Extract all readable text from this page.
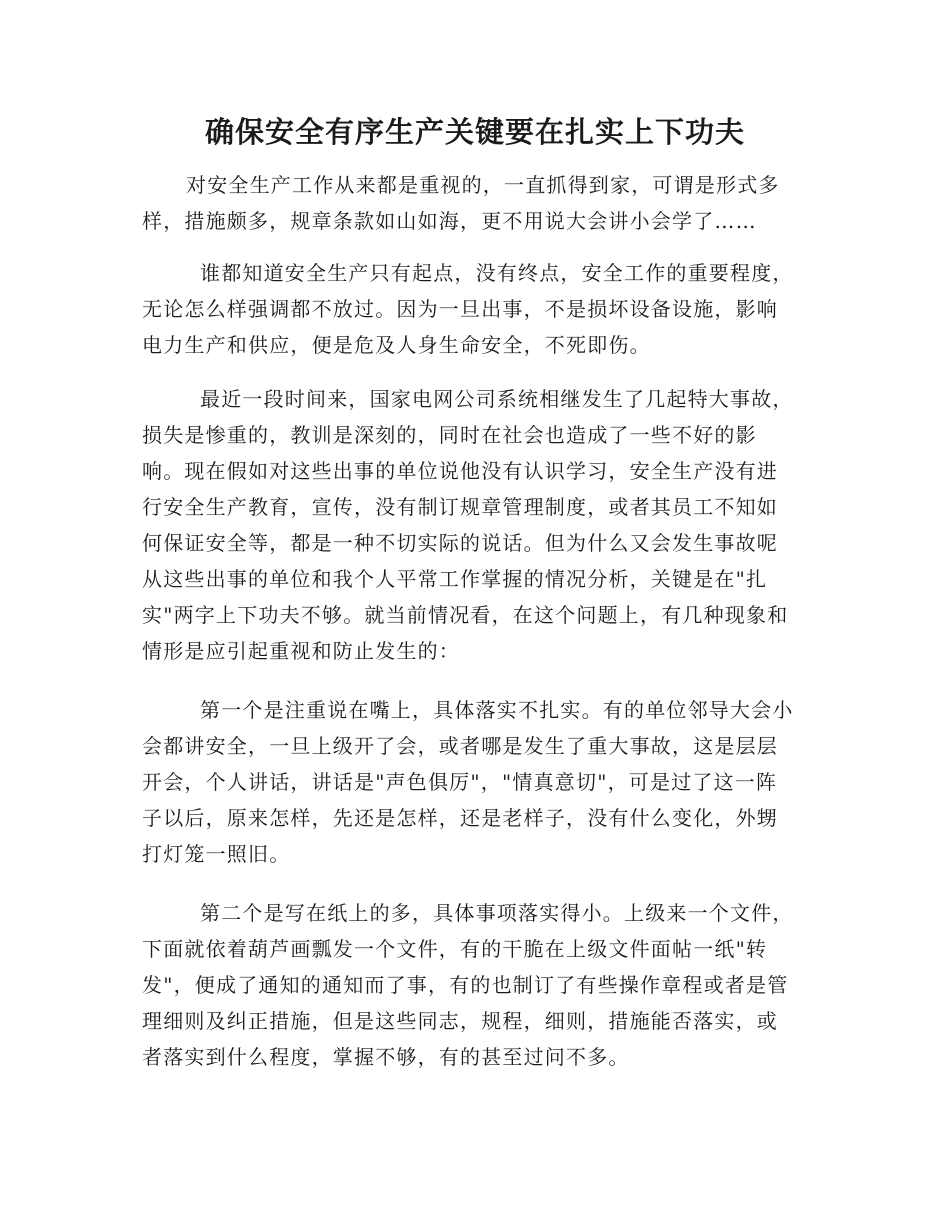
确保安全有序生产关键要在扎实上下功夫
对安全生产工作从来都是重视的，一直抓得到家，可谓是形式多
样，措施颇多，规章条款如山如海，更不用说大会讲小会学了……
谁都知道安全生产只有起点，没有终点，安全工作的重要程度，
无论怎么样强调都不放过。因为一旦出事，不是损坏设备设施，影响
电力生产和供应，便是危及人身生命安全，不死即伤。
最近一段时间来，国家电网公司系统相继发生了几起特大事故，
损失是惨重的，教训是深刻的，同时在社会也造成了一些不好的影
响。现在假如对这些出事的单位说他没有认识学习，安全生产没有进
行安全生产教育，宣传，没有制订规章管理制度，或者其员工不知如
何保证安全等，都是一种不切实际的说话。但为什么又会发生事故呢
从这些出事的单位和我个人平常工作掌握的情况分析，关键是在"扎
实"两字上下功夫不够。就当前情况看，在这个问题上，有几种现象和
情形是应引起重视和防止发生的：
第一个是注重说在嘴上，具体落实不扎实。有的单位邻导大会小
会都讲安全，一旦上级开了会，或者哪是发生了重大事故，这是层层
开会，个人讲话，讲话是"声色俱厉"，"情真意切"，可是过了这一阵
子以后，原来怎样，先还是怎样，还是老样子，没有什么变化，外甥
打灯笼一照旧。
第二个是写在纸上的多，具体事项落实得小。上级来一个文件，
下面就依着葫芦画瓢发一个文件，有的干脆在上级文件面帖一纸"转
发"，便成了通知的通知而了事，有的也制订了有些操作章程或者是管
理细则及纠正措施，但是这些同志，规程，细则，措施能否落实，或
者落实到什么程度，掌握不够，有的甚至过问不多。
